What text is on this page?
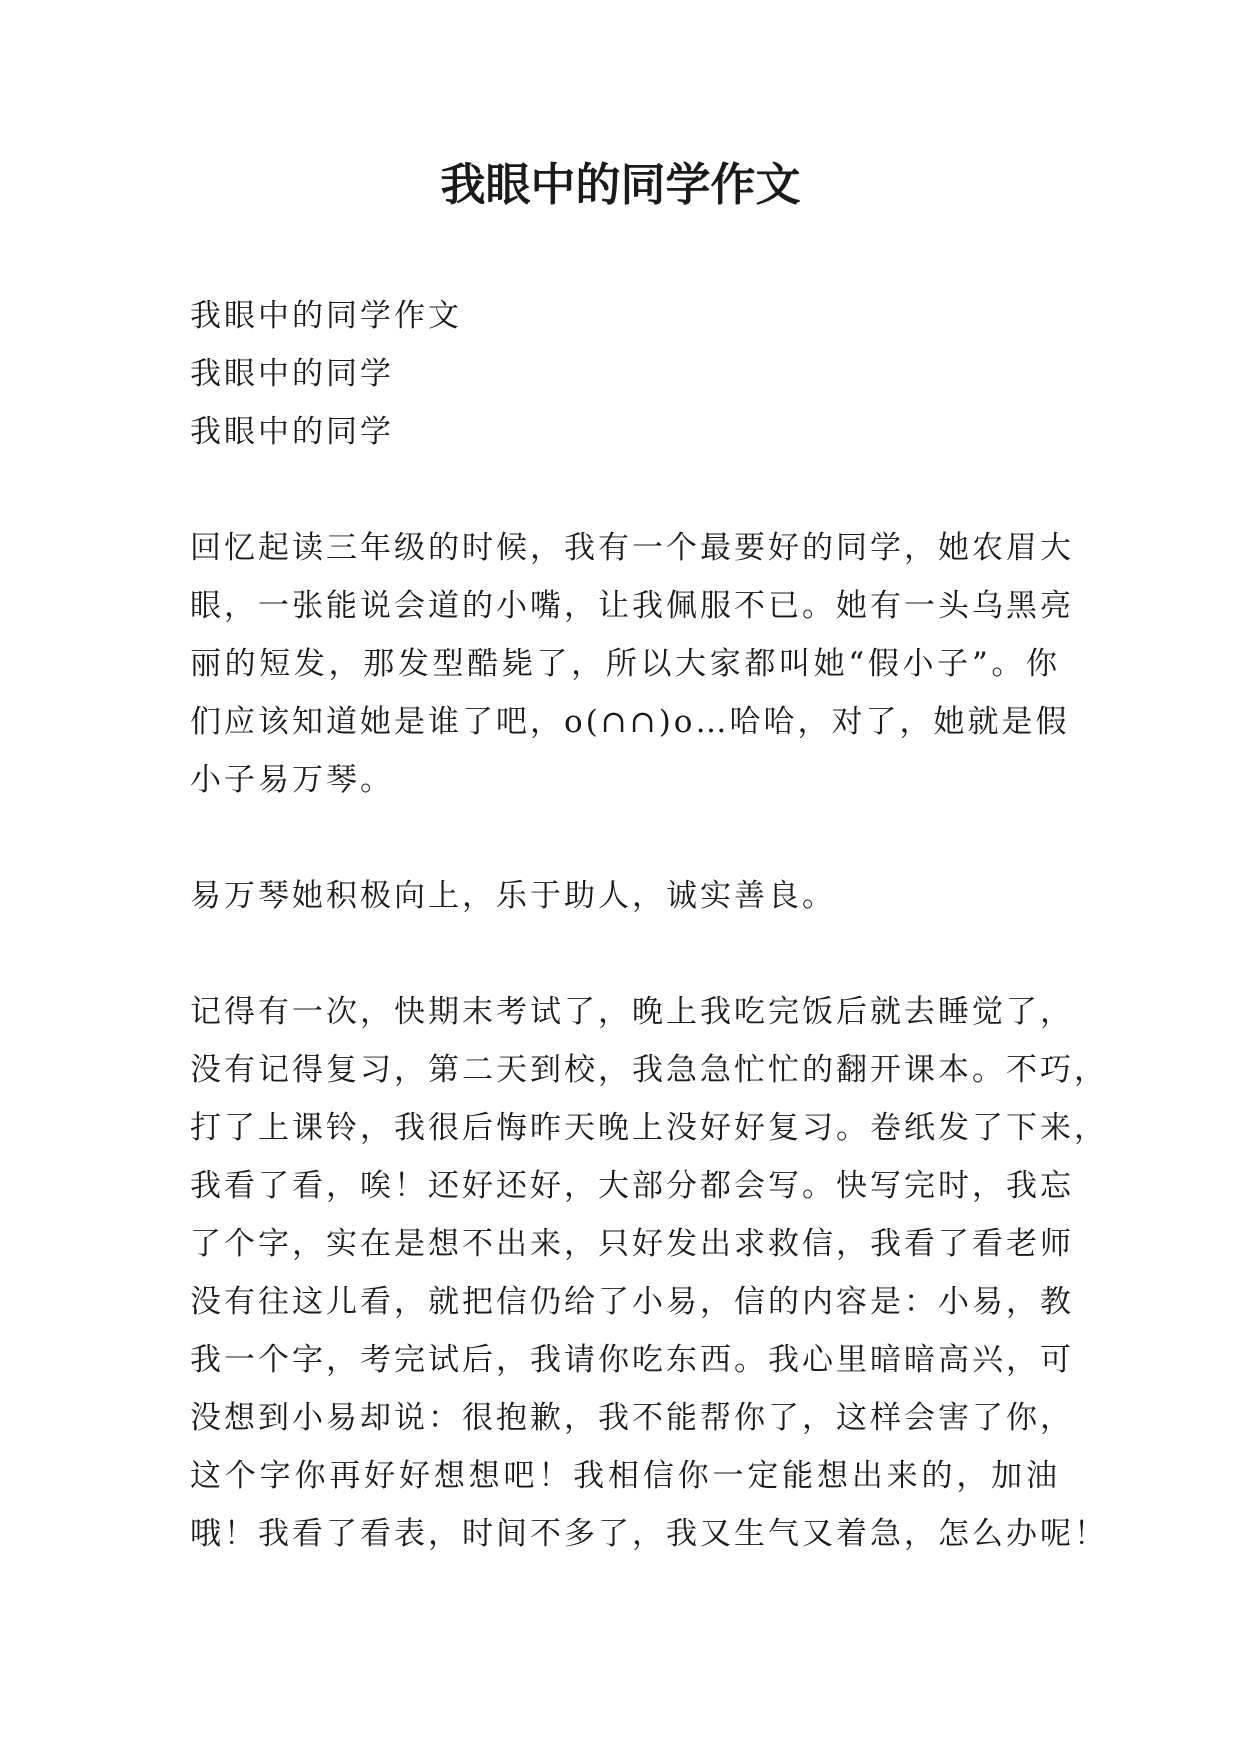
我眼中的同学作文
我眼中的同学作文
我眼中的同学
我眼中的同学

回忆起读三年级的时候，我有一个最要好的同学，她农眉大
眼，一张能说会道的小嘴，让我佩服不已。她有一头乌黑亮
丽的短发，那发型酷毙了，所以大家都叫她“假小子”。你
们应该知道她是谁了吧，o(∩∩)o…哈哈，对了，她就是假
小子易万琴。

易万琴她积极向上，乐于助人，诚实善良。

记得有一次，快期末考试了，晚上我吃完饭后就去睡觉了，
没有记得复习，第二天到校，我急急忙忙的翻开课本。不巧，
打了上课铃，我很后悔昨天晚上没好好复习。卷纸发了下来，
我看了看，唉！还好还好，大部分都会写。快写完时，我忘
了个字，实在是想不出来，只好发出求救信，我看了看老师
没有往这儿看，就把信仍给了小易，信的内容是：小易，教
我一个字，考完试后，我请你吃东西。我心里暗暗高兴，可
没想到小易却说：很抱歉，我不能帮你了，这样会害了你，
这个字你再好好想想吧！我相信你一定能想出来的，加油
哦！我看了看表，时间不多了，我又生气又着急，怎么办呢！
